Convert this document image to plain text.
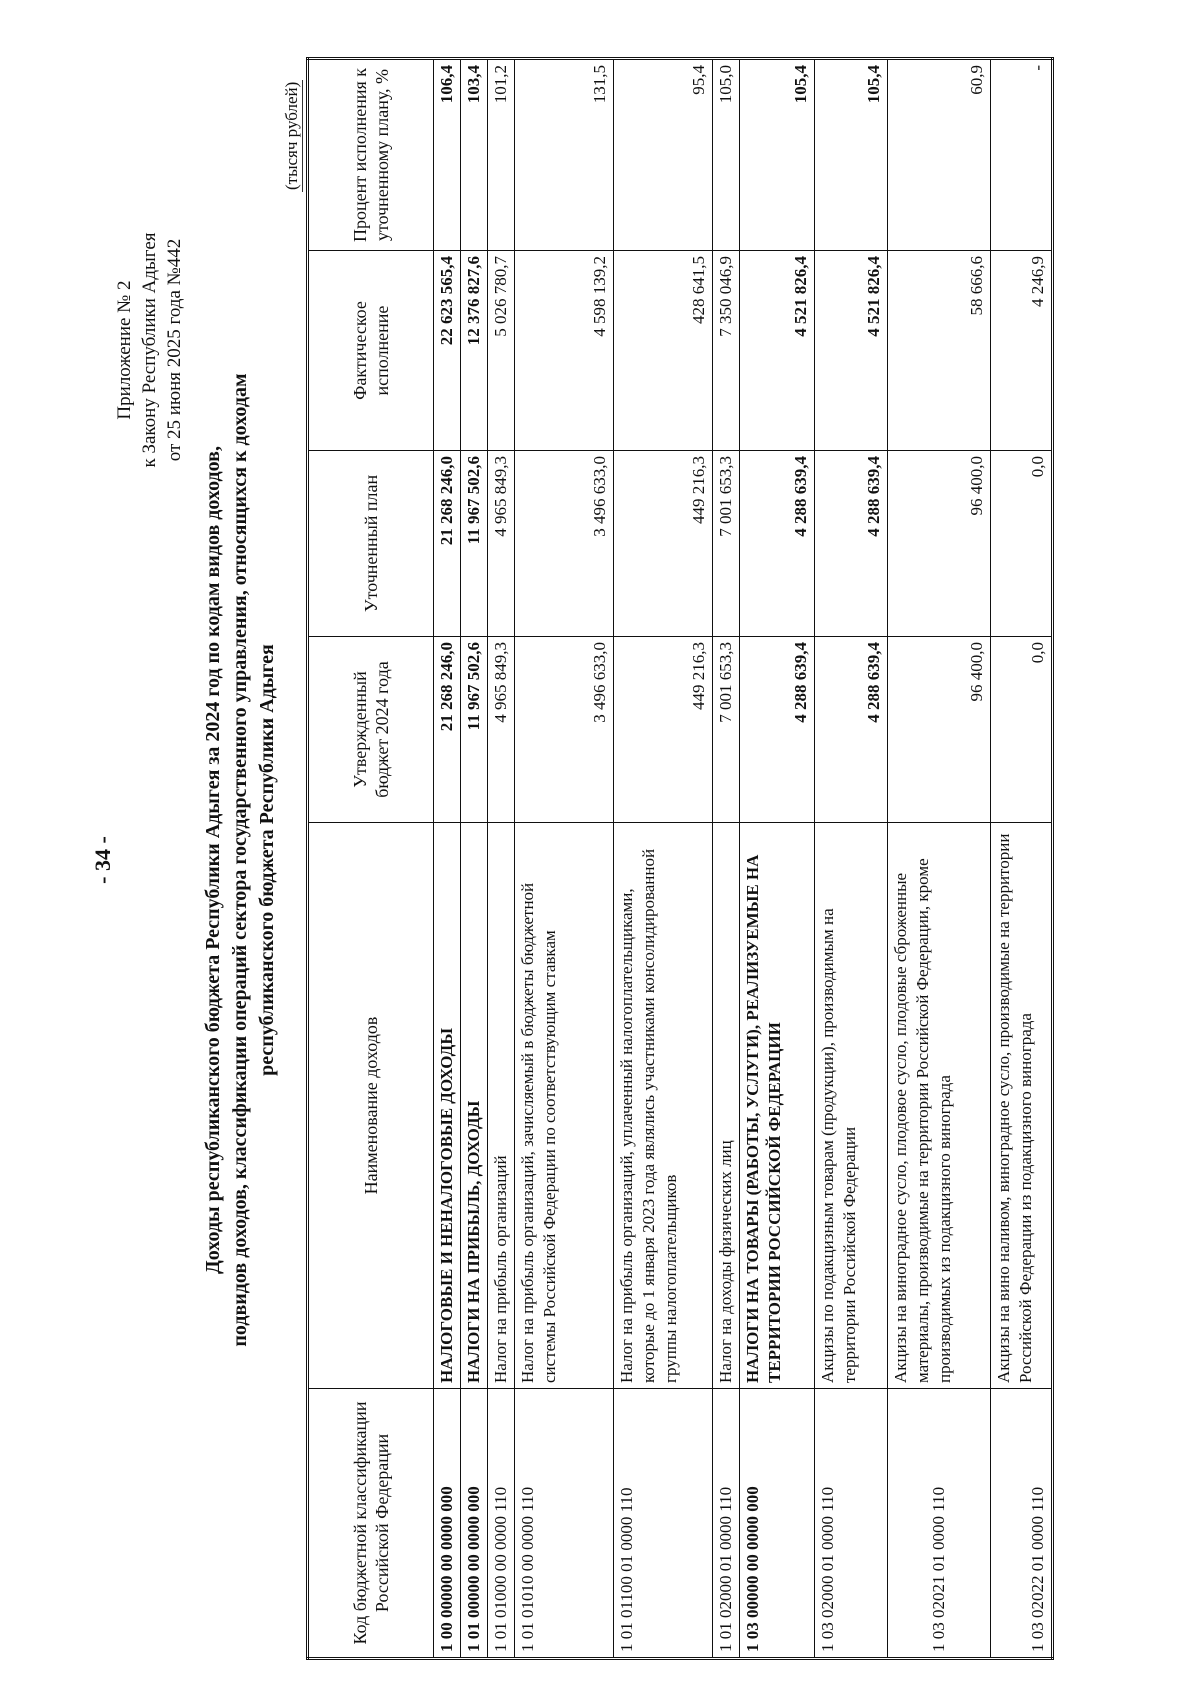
- 34 -
Приложение № 2 к Закону Республики Адыгея от 25 июня 2025 года №442
Доходы республиканского бюджета Республики Адыгея за 2024 год по кодам видов доходов, подвидов доходов, классификации операций сектора государственного управления, относящихся к доходам республиканского бюджета Республики Адыгея
(тысяч рублей)
Код бюджетной классификации Российской Федерации	Наименование доходов	Утвержденный бюджет 2024 года	Уточненный план	Фактическое исполнение	Процент исполнения к уточненному плану, %
1 00 00000 00 0000 000	НАЛОГОВЫЕ И НЕНАЛОГОВЫЕ ДОХОДЫ	21 268 246,0	21 268 246,0	22 623 565,4	106,4
1 01 00000 00 0000 000	НАЛОГИ НА ПРИБЫЛЬ, ДОХОДЫ	11 967 502,6	11 967 502,6	12 376 827,6	103,4
1 01 01000 00 0000 110	Налог на прибыль организаций	4 965 849,3	4 965 849,3	5 026 780,7	101,2
1 01 01010 00 0000 110	Налог на прибыль организаций, зачисляемый в бюджеты бюджетной системы Российской Федерации по соответствующим ставкам	3 496 633,0	3 496 633,0	4 598 139,2	131,5
1 01 01100 01 0000 110	Налог на прибыль организаций, уплаченный налогоплательщиками, которые до 1 января 2023 года являлись участниками консолидированной группы налогоплательщиков	449 216,3	449 216,3	428 641,5	95,4
1 01 02000 01 0000 110	Налог на доходы физических лиц	7 001 653,3	7 001 653,3	7 350 046,9	105,0
1 03 00000 00 0000 000	НАЛОГИ НА ТОВАРЫ (РАБОТЫ, УСЛУГИ), РЕАЛИЗУЕМЫЕ НА ТЕРРИТОРИИ РОССИЙСКОЙ ФЕДЕРАЦИИ	4 288 639,4	4 288 639,4	4 521 826,4	105,4
1 03 02000 01 0000 110	Акцизы по подакцизным товарам (продукции), производимым на территории Российской Федерации	4 288 639,4	4 288 639,4	4 521 826,4	105,4
1 03 02021 01 0000 110	Акцизы на виноградное сусло, плодовое сусло, плодовые сброженные материалы, производимые на территории Российской Федерации, кроме производимых из подакцизного винограда	96 400,0	96 400,0	58 666,6	60,9
1 03 02022 01 0000 110	Акцизы на вино наливом, виноградное сусло, производимые на территории Российской Федерации из подакцизного винограда	0,0	0,0	4 246,9	-
